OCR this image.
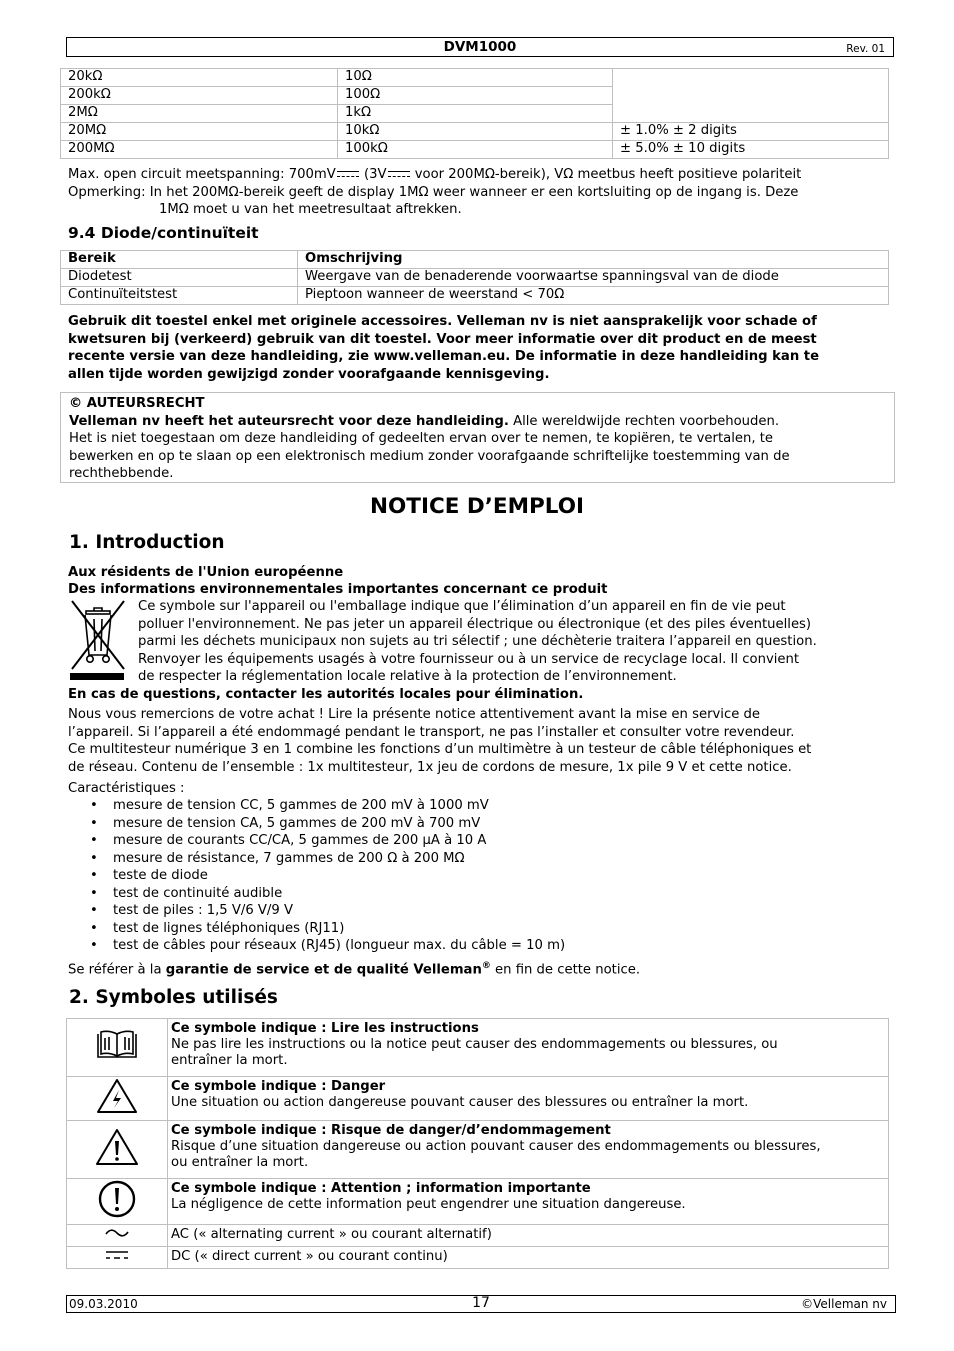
DVM1000	Rev. 01
20kΩ	10Ω	
200kΩ	100Ω	
2MΩ	1kΩ	
20MΩ	10kΩ	± 1.0% ± 2 digits
200MΩ	100kΩ	± 5.0% ± 10 digits
Max. open circuit meetspanning: 700mV (3V voor 200MΩ-bereik), VΩ meetbus heeft positieve polariteit
Opmerking: In het 200MΩ-bereik geeft de display 1MΩ weer wanneer er een kortsluiting op de ingang is. Deze
1MΩ moet u van het meetresultaat aftrekken.
9.4 Diode/continuïteit
Bereik	Omschrijving
Diodetest	Weergave van de benaderende voorwaartse spanningsval van de diode
Continuïteitstest	Pieptoon wanneer de weerstand < 70Ω
Gebruik dit toestel enkel met originele accessoires. Velleman nv is niet aansprakelijk voor schade of
kwetsuren bij (verkeerd) gebruik van dit toestel. Voor meer informatie over dit product en de meest
recente versie van deze handleiding, zie www.velleman.eu. De informatie in deze handleiding kan te
allen tijde worden gewijzigd zonder voorafgaande kennisgeving.
© AUTEURSRECHT
Velleman nv heeft het auteursrecht voor deze handleiding. Alle wereldwijde rechten voorbehouden.
Het is niet toegestaan om deze handleiding of gedeelten ervan over te nemen, te kopiëren, te vertalen, te
bewerken en op te slaan op een elektronisch medium zonder voorafgaande schriftelijke toestemming van de
rechthebbende.
NOTICE D’EMPLOI
1. Introduction
Aux résidents de l'Union européenne
Des informations environnementales importantes concernant ce produit
Ce symbole sur l'appareil ou l'emballage indique que l’élimination d’un appareil en fin de vie peut
polluer l'environnement. Ne pas jeter un appareil électrique ou électronique (et des piles éventuelles)
parmi les déchets municipaux non sujets au tri sélectif ; une déchèterie traitera l’appareil en question.
Renvoyer les équipements usagés à votre fournisseur ou à un service de recyclage local. Il convient
de respecter la réglementation locale relative à la protection de l’environnement.
En cas de questions, contacter les autorités locales pour élimination.
Nous vous remercions de votre achat ! Lire la présente notice attentivement avant la mise en service de
l’appareil. Si l’appareil a été endommagé pendant le transport, ne pas l’installer et consulter votre revendeur.
Ce multitesteur numérique 3 en 1 combine les fonctions d’un multimètre à un testeur de câble téléphoniques et
de réseau. Contenu de l’ensemble : 1x multitesteur, 1x jeu de cordons de mesure, 1x pile 9 V et cette notice.
Caractéristiques :
• mesure de tension CC, 5 gammes de 200 mV à 1000 mV
• mesure de tension CA, 5 gammes de 200 mV à 700 mV
• mesure de courants CC/CA, 5 gammes de 200 µA à 10 A
• mesure de résistance, 7 gammes de 200 Ω à 200 MΩ
• teste de diode
• test de continuité audible
• test de piles : 1,5 V/6 V/9 V
• test de lignes téléphoniques (RJ11)
• test de câbles pour réseaux (RJ45) (longueur max. du câble = 10 m)
Se référer à la garantie de service et de qualité Velleman® en fin de cette notice.
2. Symboles utilisés

Ce symbole indique : Lire les instructions
Ne pas lire les instructions ou la notice peut causer des endommagements ou blessures, ou
entraîner la mort.

Ce symbole indique : Danger
Une situation ou action dangereuse pouvant causer des blessures ou entraîner la mort.

Ce symbole indique : Risque de danger/d’endommagement
Risque d’une situation dangereuse ou action pouvant causer des endommagements ou blessures,
ou entraîner la mort.

Ce symbole indique : Attention ; information importante
La négligence de cette information peut engendrer une situation dangereuse.

AC (« alternating current » ou courant alternatif)

DC (« direct current » ou courant continu)
09.03.2010	17	©Velleman nv
